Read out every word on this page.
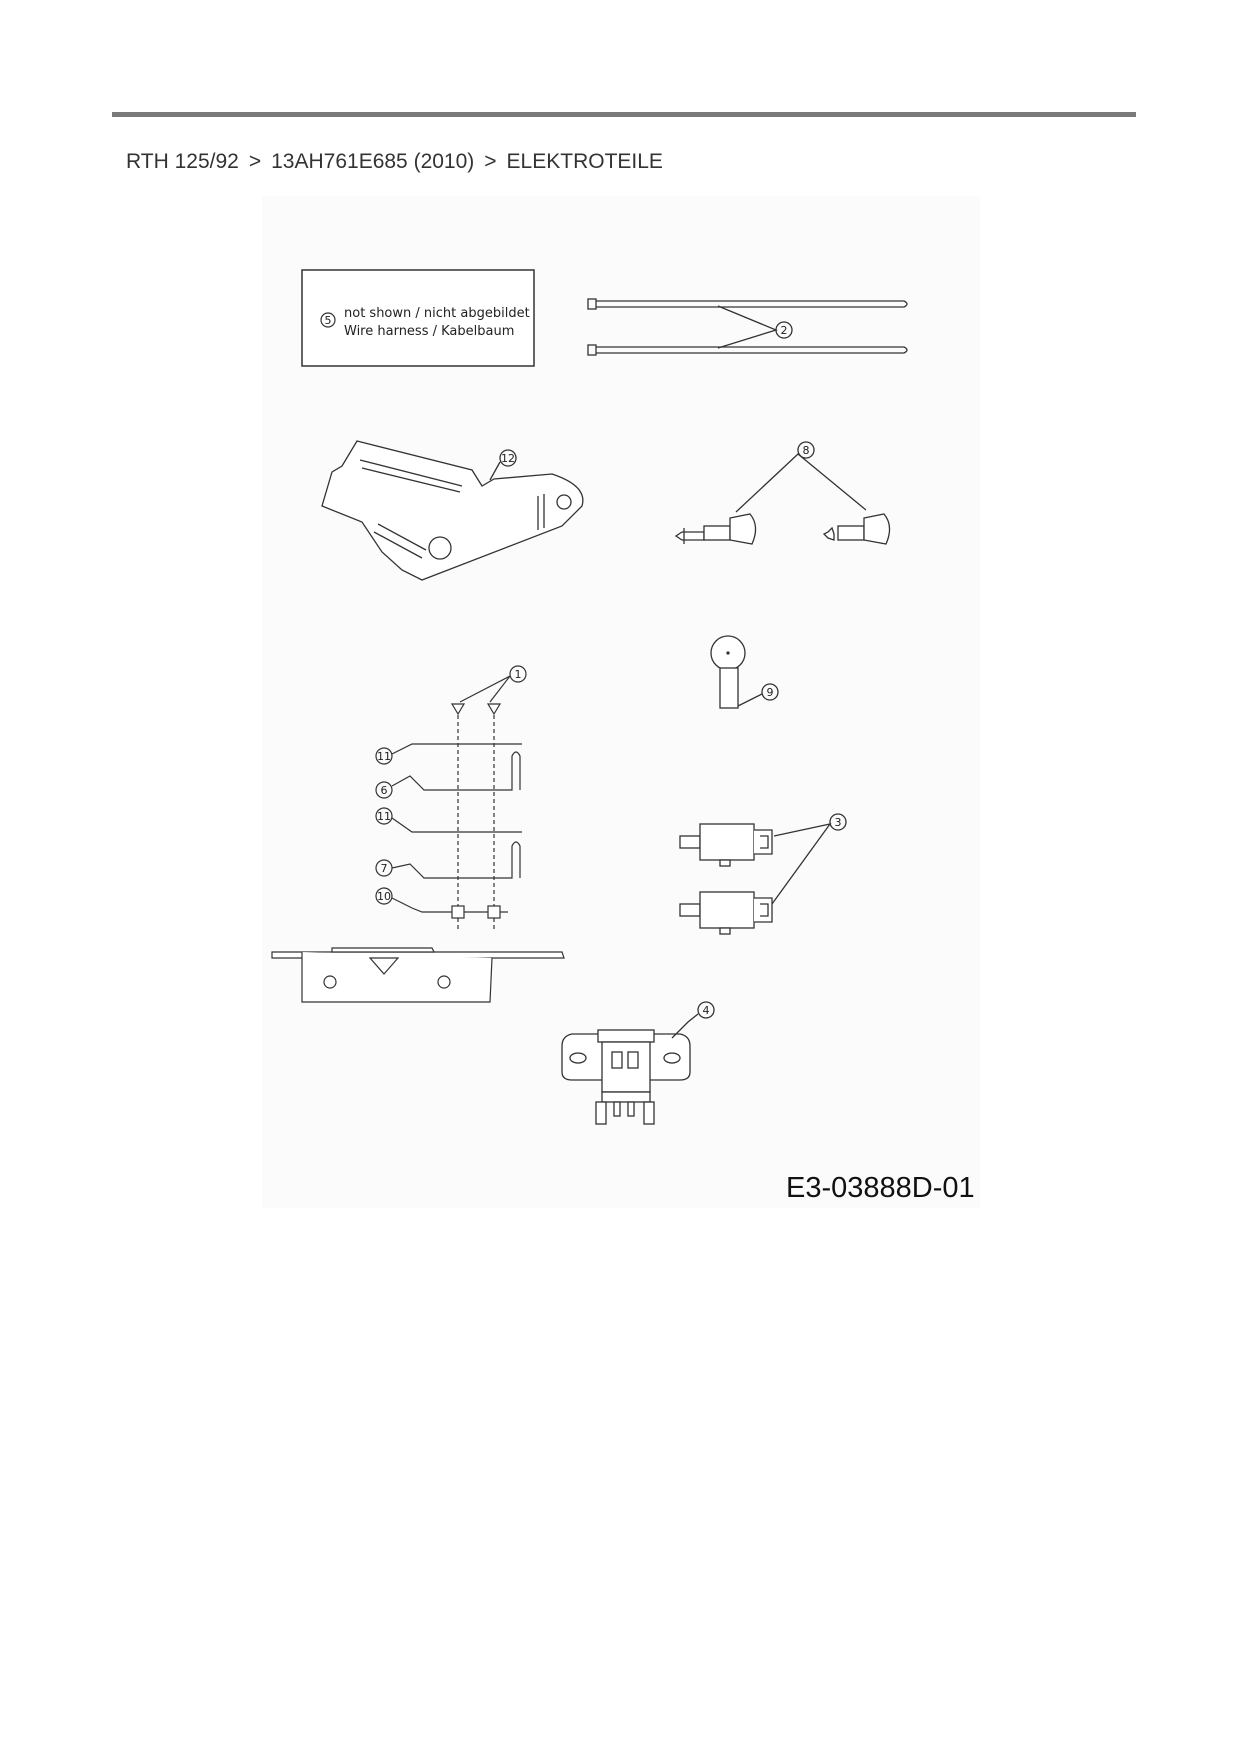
RTH 125/92 > 13AH761E685 (2010) > ELEKTROTEILE
5 not shown / nicht abgebildet
Wire harness / Kabelbaum	2
12
8
9
1
11
6
11
7
10
3
4
E3-03888D-01
